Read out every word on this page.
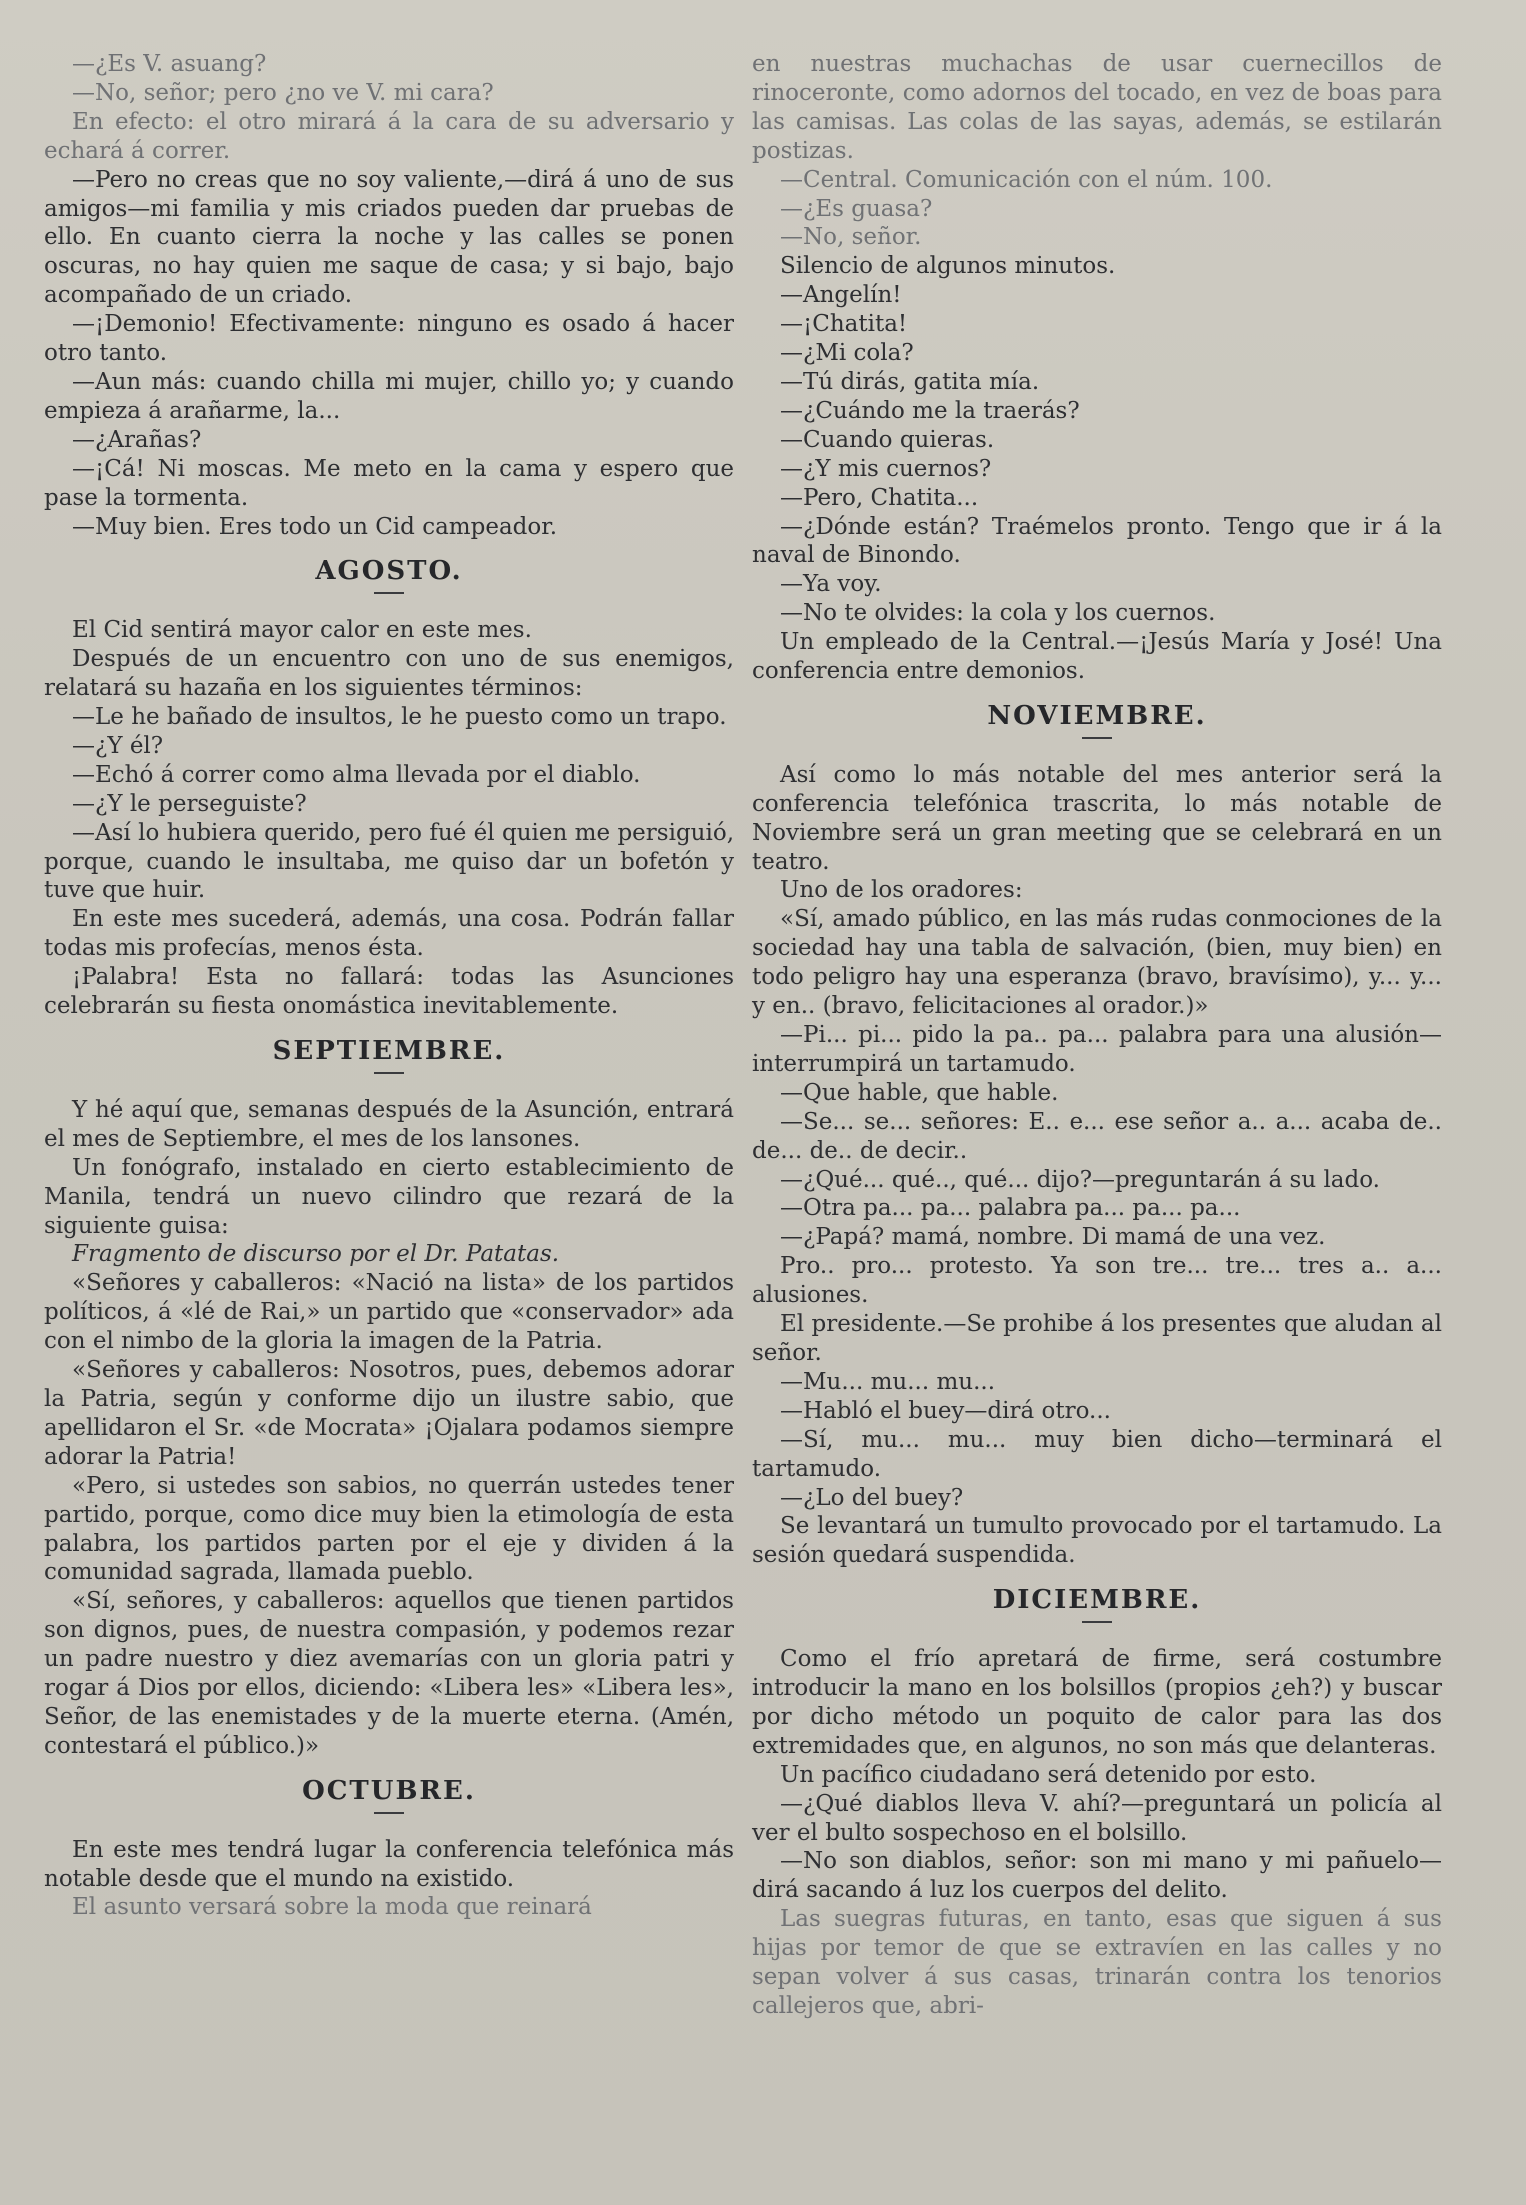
—¿Es V. asuang?

—No, señor; pero ¿no ve V. mi cara?

En efecto: el otro mirará á la cara de su adversario y echará á correr.

—Pero no creas que no soy valiente,—dirá á uno de sus amigos—mi familia y mis criados pueden dar pruebas de ello. En cuanto cierra la noche y las calles se ponen oscuras, no hay quien me saque de casa; y si bajo, bajo acompañado de un criado.

—¡Demonio! Efectivamente: ninguno es osado á hacer otro tanto.

—Aun más: cuando chilla mi mujer, chillo yo; y cuando empieza á arañarme, la...

—¿Arañas?

—¡Cá! Ni moscas. Me meto en la cama y espero que pase la tormenta.

—Muy bien. Eres todo un Cid campeador.

AGOSTO.

El Cid sentirá mayor calor en este mes.

Después de un encuentro con uno de sus enemigos, relatará su hazaña en los siguientes términos:

—Le he bañado de insultos, le he puesto como un trapo.

—¿Y él?

—Echó á correr como alma llevada por el diablo.

—¿Y le perseguiste?

—Así lo hubiera querido, pero fué él quien me persiguió, porque, cuando le insultaba, me quiso dar un bofetón y tuve que huir.

En este mes sucederá, además, una cosa. Podrán fallar todas mis profecías, menos ésta.

¡Palabra! Esta no fallará: todas las Asunciones celebrarán su fiesta onomástica inevitablemente.

SEPTIEMBRE.

Y hé aquí que, semanas después de la Asunción, entrará el mes de Septiembre, el mes de los lansones.

Un fonógrafo, instalado en cierto establecimiento de Manila, tendrá un nuevo cilindro que rezará de la siguiente guisa:

Fragmento de discurso por el Dr. Patatas.

«Señores y caballeros: «Nació na lista» de los partidos políticos, á «lé de Rai,» un partido que «conservador» ada con el nimbo de la gloria la imagen de la Patria.

«Señores y caballeros: Nosotros, pues, debemos adorar la Patria, según y conforme dijo un ilustre sabio, que apellidaron el Sr. «de Mocrata» ¡Ojalara podamos siempre adorar la Patria!

«Pero, si ustedes son sabios, no querrán ustedes tener partido, porque, como dice muy bien la etimología de esta palabra, los partidos parten por el eje y dividen á la comunidad sagrada, llamada pueblo.

«Sí, señores, y caballeros: aquellos que tienen partidos son dignos, pues, de nuestra compasión, y podemos rezar un padre nuestro y diez avemarías con un gloria patri y rogar á Dios por ellos, diciendo: «Libera les» «Libera les», Señor, de las enemistades y de la muerte eterna. (Amén, contestará el público.)»

OCTUBRE.

En este mes tendrá lugar la conferencia telefónica más notable desde que el mundo na existido.

El asunto versará sobre la moda que reinará

en nuestras muchachas de usar cuernecillos de rinoceronte, como adornos del tocado, en vez de boas para las camisas. Las colas de las sayas, además, se estilarán postizas.

—Central. Comunicación con el núm. 100.

—¿Es guasa?

—No, señor.

Silencio de algunos minutos.

—Angelín!

—¡Chatita!

—¿Mi cola?

—Tú dirás, gatita mía.

—¿Cuándo me la traerás?

—Cuando quieras.

—¿Y mis cuernos?

—Pero, Chatita...

—¿Dónde están? Traémelos pronto. Tengo que ir á la naval de Binondo.

—Ya voy.

—No te olvides: la cola y los cuernos.

Un empleado de la Central.—¡Jesús María y José! Una conferencia entre demonios.

NOVIEMBRE.

Así como lo más notable del mes anterior será la conferencia telefónica trascrita, lo más notable de Noviembre será un gran meeting que se celebrará en un teatro.

Uno de los oradores:

«Sí, amado público, en las más rudas conmociones de la sociedad hay una tabla de salvación, (bien, muy bien) en todo peligro hay una esperanza (bravo, bravísimo), y... y... y en.. (bravo, felicitaciones al orador.)»

—Pi... pi... pido la pa.. pa... palabra para una alusión—interrumpirá un tartamudo.

—Que hable, que hable.

—Se... se... señores: E.. e... ese señor a.. a... acaba de.. de... de.. de decir..

—¿Qué... qué.., qué... dijo?—preguntarán á su lado.

—Otra pa... pa... palabra pa... pa... pa...

—¿Papá? mamá, nombre. Di mamá de una vez.

Pro.. pro... protesto. Ya son tre... tre... tres a.. a... alusiones.

El presidente.—Se prohibe á los presentes que aludan al señor.

—Mu... mu... mu...

—Habló el buey—dirá otro...

—Sí, mu... mu... muy bien dicho—terminará el tartamudo.

—¿Lo del buey?

Se levantará un tumulto provocado por el tartamudo. La sesión quedará suspendida.

DICIEMBRE.

Como el frío apretará de firme, será costumbre introducir la mano en los bolsillos (propios ¿eh?) y buscar por dicho método un poquito de calor para las dos extremidades que, en algunos, no son más que delanteras.

Un pacífico ciudadano será detenido por esto.

—¿Qué diablos lleva V. ahí?—preguntará un policía al ver el bulto sospechoso en el bolsillo.

—No son diablos, señor: son mi mano y mi pañuelo—dirá sacando á luz los cuerpos del delito.

Las suegras futuras, en tanto, esas que siguen á sus hijas por temor de que se extravíen en las calles y no sepan volver á sus casas, trinarán contra los tenorios callejeros que, abri-
